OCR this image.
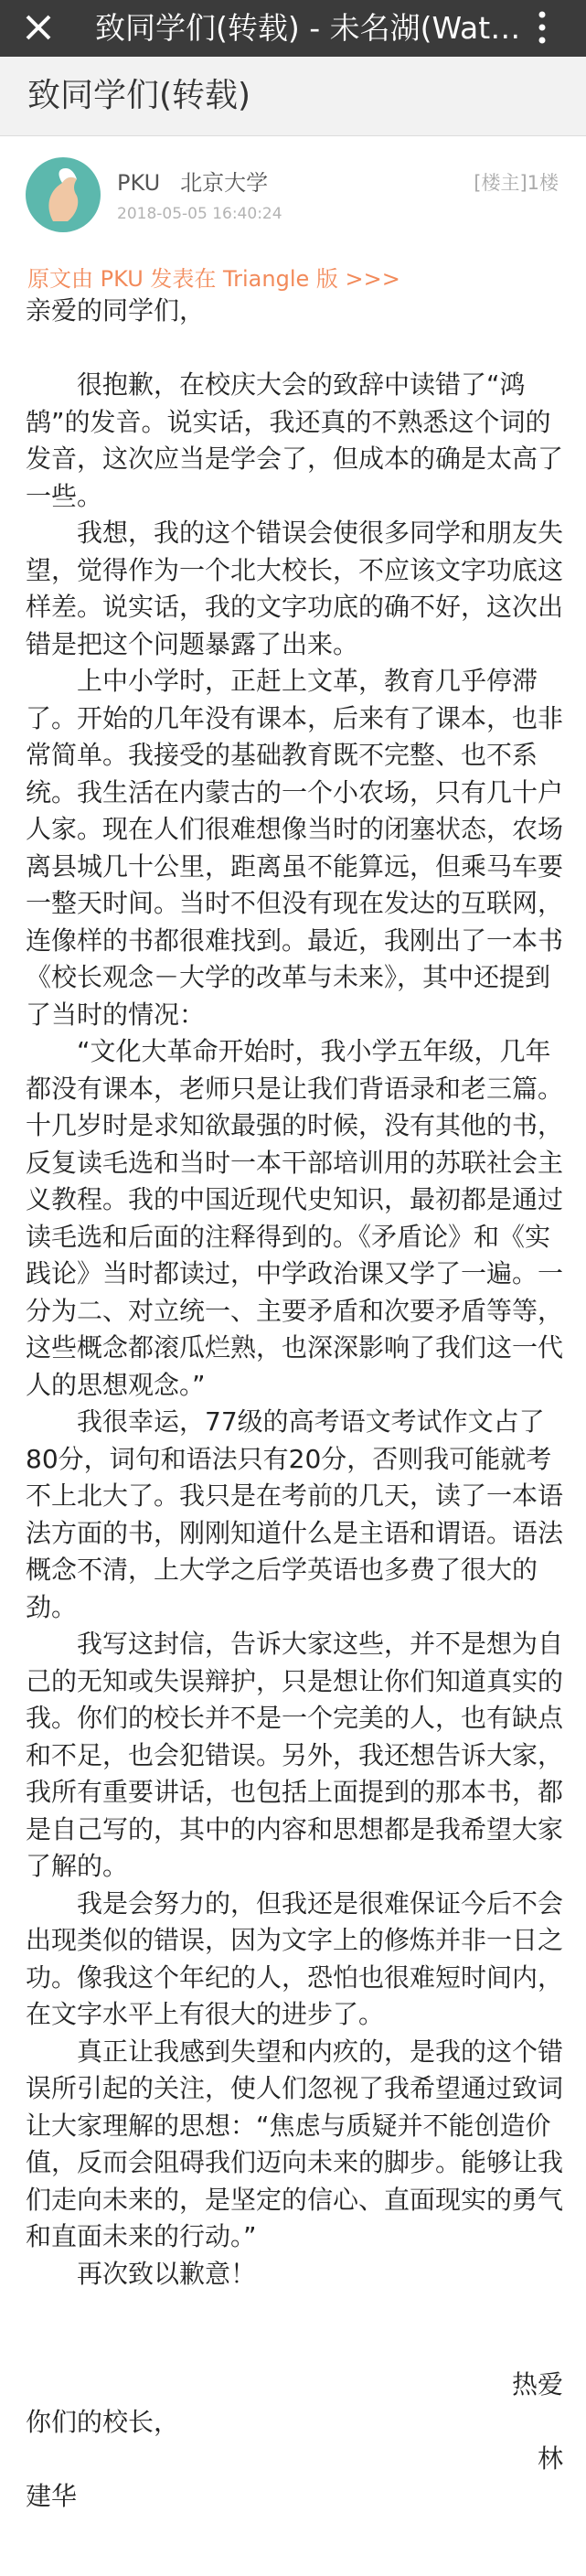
致同学们(转载) - 未名湖(Wat…
致同学们(转载)
PKU 北京大学
2018-05-05 16:40:24
[楼主]1楼
原文由 PKU 发表在 Triangle 版 >>>

亲爱的同学们，

很抱歉，在校庆大会的致辞中读错了“鸿鹄”的发音。说实话，我还真的不熟悉这个词的发音，这次应当是学会了，但成本的确是太高了一些。

我想，我的这个错误会使很多同学和朋友失望，觉得作为一个北大校长，不应该文字功底这样差。说实话，我的文字功底的确不好，这次出错是把这个问题暴露了出来。

上中小学时，正赶上文革，教育几乎停滞了。开始的几年没有课本，后来有了课本，也非常简单。我接受的基础教育既不完整、也不系统。我生活在内蒙古的一个小农场，只有几十户人家。现在人们很难想像当时的闭塞状态，农场离县城几十公里，距离虽不能算远，但乘马车要一整天时间。当时不但没有现在发达的互联网，连像样的书都很难找到。最近，我刚出了一本书《校长观念－大学的改革与未来》，其中还提到了当时的情况：

“文化大革命开始时，我小学五年级，几年都没有课本，老师只是让我们背语录和老三篇。十几岁时是求知欲最强的时候，没有其他的书，反复读毛选和当时一本干部培训用的苏联社会主义教程。我的中国近现代史知识，最初都是通过读毛选和后面的注释得到的。《矛盾论》和《实践论》当时都读过，中学政治课又学了一遍。一分为二、对立统一、主要矛盾和次要矛盾等等，这些概念都滚瓜烂熟，也深深影响了我们这一代人的思想观念。”

我很幸运，77级的高考语文考试作文占了80分，词句和语法只有20分，否则我可能就考不上北大了。我只是在考前的几天，读了一本语法方面的书，刚刚知道什么是主语和谓语。语法概念不清，上大学之后学英语也多费了很大的劲。

我写这封信，告诉大家这些，并不是想为自己的无知或失误辩护，只是想让你们知道真实的我。你们的校长并不是一个完美的人，也有缺点和不足，也会犯错误。另外，我还想告诉大家，我所有重要讲话，也包括上面提到的那本书，都是自己写的，其中的内容和思想都是我希望大家了解的。

我是会努力的，但我还是很难保证今后不会出现类似的错误，因为文字上的修炼并非一日之功。像我这个年纪的人，恐怕也很难短时间内，在文字水平上有很大的进步了。

真正让我感到失望和内疚的，是我的这个错误所引起的关注，使人们忽视了我希望通过致词让大家理解的思想：“焦虑与质疑并不能创造价值，反而会阻碍我们迈向未来的脚步。能够让我们走向未来的，是坚定的信心、直面现实的勇气和直面未来的行动。”

再次致以歉意！

热爱

你们的校长，

林

建华
